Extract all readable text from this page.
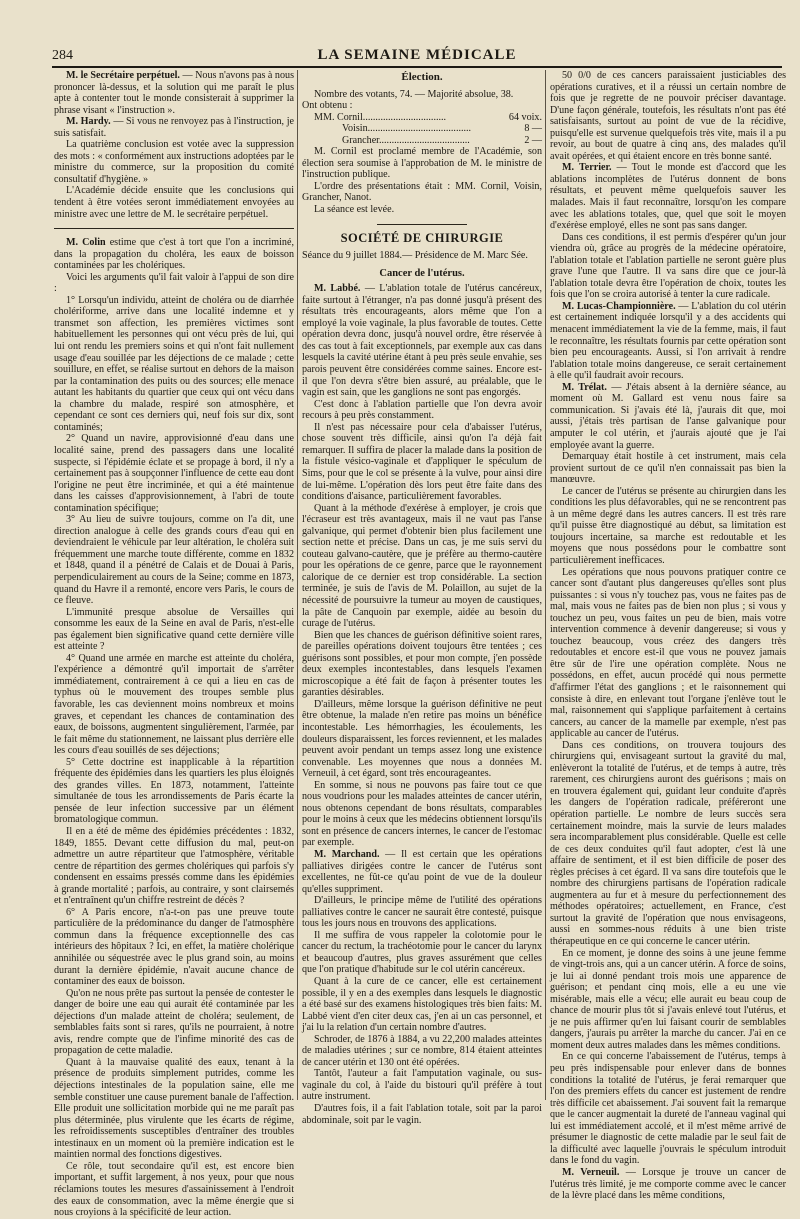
284	LA SEMAINE MÉDICALE

M. le Secrétaire perpétuel. — Nous n'avons pas à nous prononcer là-dessus, et la solution qui me paraît le plus apte à contenter tout le monde consisterait à supprimer la phrase visant « l'instruction ».

M. Hardy. — Si vous ne renvoyez pas à l'instruction, je suis satisfait.

La quatrième conclusion est votée avec la suppression des mots : « conformément aux instructions adoptées par le ministre du commerce, sur la proposition du comité consultatif d'hygiène. »

L'Académie décide ensuite que les conclusions qui tendent à être votées seront immédiatement envoyées au ministre avec une lettre de M. le secrétaire perpétuel.

M. Colin estime que c'est à tort que l'on a incriminé, dans la propagation du choléra, les eaux de boisson contaminées par les cholériques.

Voici les arguments qu'il fait valoir à l'appui de son dire :

1° Lorsqu'un individu, atteint de choléra ou de diarrhée cholériforme, arrive dans une localité indemne et y transmet son affection, les premières victimes sont habituellement les personnes qui ont vécu près de lui, qui lui ont rendu les premiers soins et qui n'ont fait nullement usage d'eau souillée par les déjections de ce malade ; cette souillure, en effet, se réalise surtout en dehors de la maison par la contamination des puits ou des sources; elle menace autant les habitants du quartier que ceux qui ont vécu dans la chambre du malade, respiré son atmosphère, et cependant ce sont ces derniers qui, neuf fois sur dix, sont contaminés;

2° Quand un navire, approvisionné d'eau dans une localité saine, prend des passagers dans une localité suspecte, si l'épidémie éclate et se propage à bord, il n'y a certainement pas à soupçonner l'influence de cette eau dont l'origine ne peut être incriminée, et qui a été maintenue dans les caisses d'approvisionnement, à l'abri de toute contamination spécifique;

3° Au lieu de suivre toujours, comme on l'a dit, une direction analogue à celle des grands cours d'eau qui en deviendraient le véhicule par leur altération, le choléra suit fréquemment une marche toute différente, comme en 1832 et 1848, quand il a pénétré de Calais et de Douai à Paris, perpendiculairement au cours de la Seine; comme en 1873, quand du Havre il a remonté, encore vers Paris, le cours de ce fleuve.

L'immunité presque absolue de Versailles qui consomme les eaux de la Seine en aval de Paris, n'est-elle pas également bien significative quand cette dernière ville est atteinte ?

4° Quand une armée en marche est atteinte du choléra, l'expérience a démontré qu'il importait de s'arrêter immédiatement, contrairement à ce qui a lieu en cas de typhus où le mouvement des troupes semble plus favorable, les cas deviennent moins nombreux et moins graves, et cependant les chances de contamination des eaux, de boissons, augmentent singulièrement, l'armée, par le fait même du stationnement, ne laissant plus derrière elle les cours d'eau souillés de ses déjections;

5° Cette doctrine est inapplicable à la répartition fréquente des épidémies dans les quartiers les plus éloignés des grandes villes. En 1873, notamment, l'atteinte simultanée de tous les arrondissements de Paris écarte la pensée de leur infection successive par un élément bromatologique commun.

Il en a été de même des épidémies précédentes : 1832, 1849, 1855. Devant cette diffusion du mal, peut-on admettre un autre répartiteur que l'atmosphère, véritable centre de répartition des germes cholériques qui parfois s'y condensent en essaims pressés comme dans les épidémies à grande mortalité ; parfois, au contraire, y sont clairsemés et n'entraînent qu'un chiffre restreint de décès ?

6° A Paris encore, n'a-t-on pas une preuve toute particulière de la prédominance du danger de l'atmosphère commun dans la fréquence exceptionnelle des cas intérieurs des hôpitaux ? Ici, en effet, la matière cholérique annihilée ou séquestrée avec le plus grand soin, au moins durant la dernière épidémie, n'avait aucune chance de contaminer des eaux de boisson.

Qu'on ne nous prête pas surtout la pensée de contester le danger de boire une eau qui aurait été contaminée par les déjections d'un malade atteint de choléra; seulement, de semblables faits sont si rares, qu'ils ne pourraient, à notre avis, rendre compte que de l'infime minorité des cas de propagation de cette maladie.

Quant à la mauvaise qualité des eaux, tenant à la présence de produits simplement putrides, comme les déjections intestinales de la population saine, elle me semble constituer une cause purement banale de l'affection. Elle produit une sollicitation morbide qui ne me paraît pas plus déterminée, plus virulente que les écarts de régime, les refroidissements susceptibles d'entraîner des troubles intestinaux en un moment où la première indication est le maintien normal des fonctions digestives.

Ce rôle, tout secondaire qu'il est, est encore bien important, et suffit largement, à nos yeux, pour que nous réclamions toutes les mesures d'assainissement à l'endroit des eaux de consommation, avec la même énergie que si nous croyions à la spécificité de leur action.

Élection.

Nombre des votants, 74. — Majorité absolue, 38.

Ont obtenu :

MM. Cornil.................................	64 voix.
Voisin.........................................	8 —
Grancher....................................	2 —

M. Cornil est proclamé membre de l'Académie, son élection sera soumise à l'approbation de M. le ministre de l'instruction publique.

L'ordre des présentations était : MM. Cornil, Voisin, Grancher, Nanot.

La séance est levée.

SOCIÉTÉ DE CHIRURGIE

Séance du 9 juillet 1884.— Présidence de M. Marc Sée.

Cancer de l'utérus.

M. Labbé. — L'ablation totale de l'utérus cancéreux, faite surtout à l'étranger, n'a pas donné jusqu'à présent des résultats très encourageants, alors même que l'on a employé la voie vaginale, la plus favorable de toutes. Cette opération devra donc, jusqu'à nouvel ordre, être réservée à des cas tout à fait exceptionnels, par exemple aux cas dans lesquels la cavité utérine étant à peu près seule envahie, ses parois peuvent être considérées comme saines. Encore est-il que l'on devra s'être bien assuré, au préalable, que le vagin est sain, que les ganglions ne sont pas engorgés.

C'est donc à l'ablation partielle que l'on devra avoir recours à peu près constamment.

Il n'est pas nécessaire pour cela d'abaisser l'utérus, chose souvent très difficile, ainsi qu'on l'a déjà fait remarquer. Il suffira de placer la malade dans la position de la fistule vésico-vaginale et d'appliquer le spéculum de Sims, pour que le col se présente à la vulve, pour ainsi dire de lui-même. L'opération dès lors peut être faite dans des conditions d'aisance, particulièrement favorables.

Quant à la méthode d'exérèse à employer, je crois que l'écraseur est très avantageux, mais il ne vaut pas l'anse galvanique, qui permet d'obtenir bien plus facilement une section nette et précise. Dans un cas, je me suis servi du couteau galvano-cautère, que je préfère au thermo-cautère pour les opérations de ce genre, parce que le rayonnement calorique de ce dernier est trop considérable. La section terminée, je suis de l'avis de M. Polaillon, au sujet de la nécessité de poursuivre la tumeur au moyen de caustiques, la pâte de Canquoin par exemple, aidée au besoin du curage de l'utérus.

Bien que les chances de guérison définitive soient rares, de pareilles opérations doivent toujours être tentées ; ces guérisons sont possibles, et pour mon compte, j'en possède deux exemples incontestables, dans lesquels l'examen microscopique a été fait de façon à présenter toutes les garanties désirables.

D'ailleurs, même lorsque la guérison définitive ne peut être obtenue, la malade n'en retire pas moins un bénéfice incontestable. Les hémorrhagies, les écoulements, les douleurs disparaissent, les forces reviennent, et les malades peuvent avoir pendant un temps assez long une existence convenable. Les moyennes que nous a données M. Verneuil, à cet égard, sont très encourageantes.

En somme, si nous ne pouvons pas faire tout ce que nous voudrions pour les malades atteintes de cancer utérin, nous obtenons cependant de bons résultats, comparables pour le moins à ceux que les médecins obtiennent lorsqu'ils sont en présence de cancers internes, le cancer de l'estomac par exemple.

M. Marchand. — Il est certain que les opérations palliatives dirigées contre le cancer de l'utérus sont excellentes, ne fût-ce qu'au point de vue de la douleur qu'elles suppriment.

D'ailleurs, le principe même de l'utilité des opérations palliatives contre le cancer ne saurait être contesté, puisque tous les jours nous en trouvons des applications.

Il me suffira de vous rappeler la colotomie pour le cancer du rectum, la trachéotomie pour le cancer du larynx et beaucoup d'autres, plus graves assurément que celles que l'on pratique d'habitude sur le col utérin cancéreux.

Quant à la cure de ce cancer, elle est certainement possible, il y en a des exemples dans lesquels le diagnostic a été basé sur des examens histologiques très bien faits: M. Labbé vient d'en citer deux cas, j'en ai un cas personnel, et j'ai lu la relation d'un certain nombre d'autres.

Schroder, de 1876 à 1884, a vu 22,200 malades atteintes de maladies utérines ; sur ce nombre, 814 étaient atteintes de cancer utérin et 130 ont été opérées.

Tantôt, l'auteur a fait l'amputation vaginale, ou sus-vaginale du col, à l'aide du bistouri qu'il préfère à tout autre instrument.

D'autres fois, il a fait l'ablation totale, soit par la paroi abdominale, soit par le vagin.

50 0/0 de ces cancers paraissaient justiciables des opérations curatives, et il a réussi un certain nombre de fois que je regrette de ne pouvoir préciser davantage. D'une façon générale, toutefois, les résultats n'ont pas été satisfaisants, surtout au point de vue de la récidive, puisqu'elle est survenue quelquefois très vite, mais il a pu revoir, au bout de quatre à cinq ans, des malades qu'il avait opérées, et qui étaient encore en très bonne santé.

M. Terrier. — Tout le monde est d'accord que les ablations incomplètes de l'utérus donnent de bons résultats, et peuvent même quelquefois sauver les malades. Mais il faut reconnaître, lorsqu'on les compare avec les ablations totales, que, quel que soit le moyen d'exérèse employé, elles ne sont pas sans danger.

Dans ces conditions, il est permis d'espérer qu'un jour viendra où, grâce au progrès de la médecine opératoire, l'ablation totale et l'ablation partielle ne seront guère plus grave l'une que l'autre. Il va sans dire que ce jour-là l'ablation totale devra être l'opération de choix, toutes les fois que l'on se croira autorisé à tenter la cure radicale.

M. Lucas-Championnière. — L'ablation du col utérin est certainement indiquée lorsqu'il y a des accidents qui menacent immédiatement la vie de la femme, mais, il faut le reconnaître, les résultats fournis par cette opération sont bien peu encourageants. Aussi, si l'on arrivait à rendre l'ablation totale moins dangereuse, ce serait certainement à elle qu'il faudrait avoir recours.

M. Trélat. — J'étais absent à la dernière séance, au moment où M. Gallard est venu nous faire sa communication. Si j'avais été là, j'aurais dit que, moi aussi, j'étais très partisan de l'anse galvanique pour amputer le col utérin, et j'aurais ajouté que je l'ai employée avant la guerre.

Demarquay était hostile à cet instrument, mais cela provient surtout de ce qu'il n'en connaissait pas bien la manœuvre.

Le cancer de l'utérus se présente au chirurgien dans les conditions les plus défavorables, qui ne se rencontrent pas à un même degré dans les autres cancers. Il est très rare qu'il puisse être diagnostiqué au début, sa limitation est toujours incertaine, sa marche est redoutable et les moyens que nous possédons pour le combattre sont particulièrement inefficaces.

Les opérations que nous pouvons pratiquer contre ce cancer sont d'autant plus dangereuses qu'elles sont plus puissantes : si vous n'y touchez pas, vous ne faites pas de mal, mais vous ne faites pas de bien non plus ; si vous y touchez un peu, vous faites un peu de bien, mais votre intervention commence à devenir dangereuse; si vous y touchez beaucoup, vous créez des dangers très redoutables et encore est-il que vous ne pouvez jamais être sûr de l'ire une opération complète. Nous ne possédons, en effet, aucun procédé qui nous permette d'affirmer l'état des ganglions ; et le raisonnement qui consiste à dire, en enlevant tout l'organe j'enlève tout le mal, raisonnement qui s'applique parfaitement à certains cancers, au cancer de la mamelle par exemple, n'est pas applicable au cancer de l'utérus.

Dans ces conditions, on trouvera toujours des chirurgiens qui, envisageant surtout la gravité du mal, enlèveront la totalité de l'utérus, et de temps à autre, très rarement, ces chirurgiens auront des guérisons ; mais on en trouvera également qui, guidant leur conduite d'après les dangers de l'opération radicale, préféreront une opération partielle. Le nombre de leurs succès sera certainement moindre, mais la survie de leurs malades sera incomparablement plus considérable. Quelle est celle de ces deux conduites qu'il faut adopter, c'est là une affaire de sentiment, et il est bien difficile de poser des règles précises à cet égard. Il va sans dire toutefois que le nombre des chirurgiens partisans de l'opération radicale augmentera au fur et à mesure du perfectionnement des méthodes opératoires; actuellement, en France, c'est surtout la gravité de l'opération que nous envisageons, aussi en sommes-nous réduits à une bien triste thérapeutique en ce qui concerne le cancer utérin.

En ce moment, je donne des soins à une jeune femme de vingt-trois ans, qui a un cancer utérin. A force de soins, je lui ai donné pendant trois mois une apparence de guérison; et pendant cinq mois, elle a eu une vie misérable, mais elle a vécu; elle aurait eu beau coup de chance de mourir plus tôt si j'avais enlevé tout l'utérus, et je ne puis affirmer qu'en lui faisant courir de semblables dangers, j'aurais pu arrêter la marche du cancer. J'ai en ce moment deux autres malades dans les mêmes conditions.

En ce qui concerne l'abaissement de l'utérus, temps à peu près indispensable pour enlever dans de bonnes conditions la totalité de l'utérus, je ferai remarquer que l'on des premiers effets du cancer est justement de rendre très difficile cet abaissement. J'ai souvent fait la remarque que le cancer augmentait la dureté de l'anneau vaginal qui lui est immédiatement accolé, et il m'est même arrivé de présumer le diagnostic de cette maladie par le seul fait de la difficulté avec laquelle j'ouvrais le spéculum introduit dans le fond du vagin.

M. Verneuil. — Lorsque je trouve un cancer de l'utérus très limité, je me comporte comme avec le cancer de la lèvre placé dans les même conditions,
